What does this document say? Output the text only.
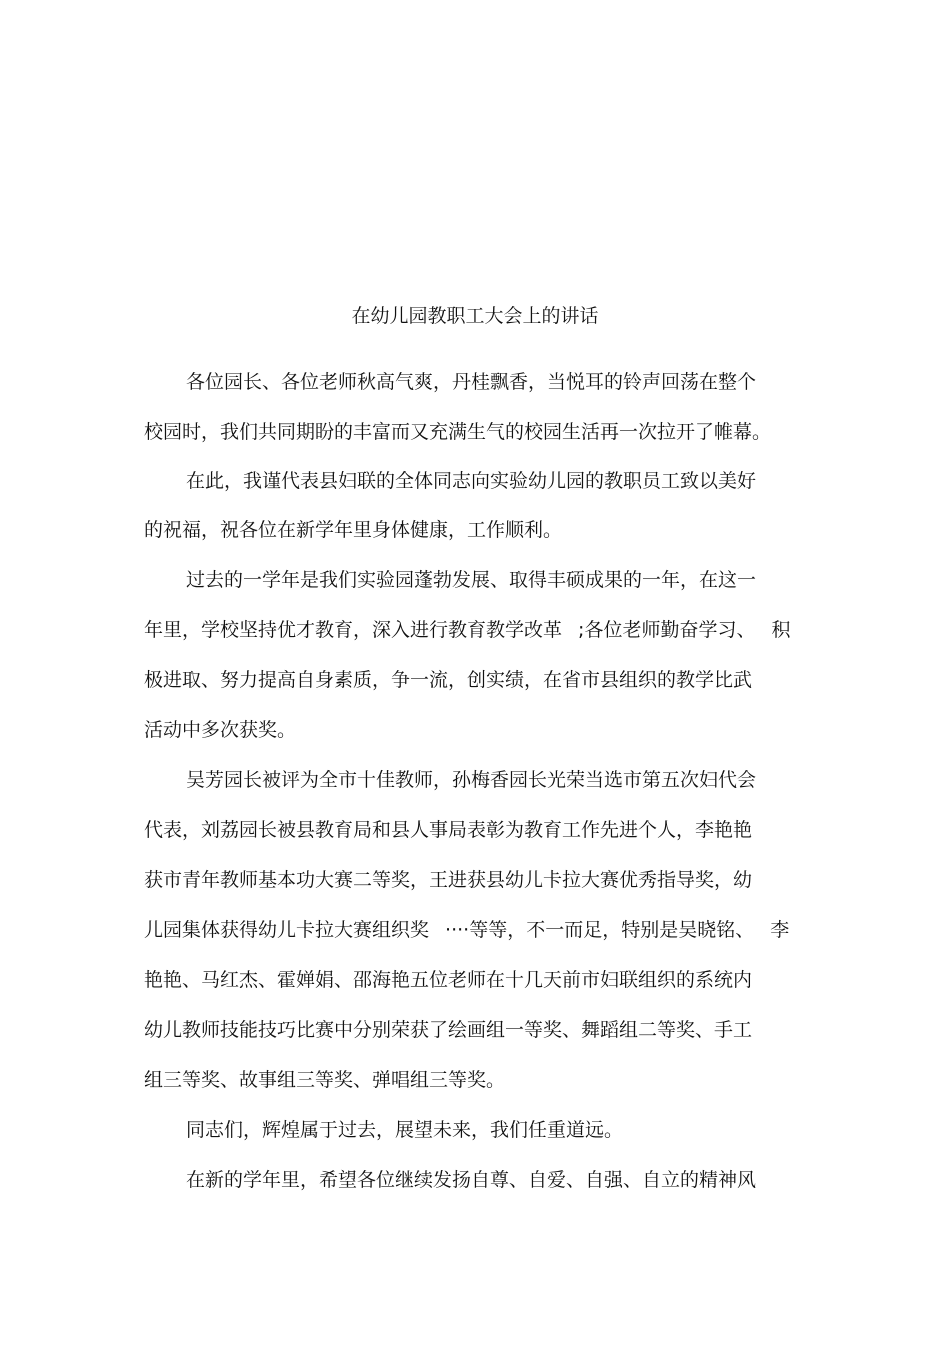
在幼儿园教职工大会上的讲话
各位园长、各位老师秋高气爽，丹桂飘香，当悦耳的铃声回荡在整个
校园时，我们共同期盼的丰富而又充满生气的校园生活再一次拉开了帷幕。
在此，我谨代表县妇联的全体同志向实验幼儿园的教职员工致以美好
的祝福，祝各位在新学年里身体健康，工作顺利。
过去的一学年是我们实验园蓬勃发展、取得丰硕成果的一年，在这一
年里，学校坚持优才教育，深入进行教育教学改革 ;各位老师勤奋学习、 积
极进取、努力提高自身素质，争一流，创实绩，在省市县组织的教学比武
活动中多次获奖。
吴芳园长被评为全市十佳教师，孙梅香园长光荣当选市第五次妇代会
代表，刘荔园长被县教育局和县人事局表彰为教育工作先进个人，李艳艳
获市青年教师基本功大赛二等奖，王进获县幼儿卡拉大赛优秀指导奖，幼
儿园集体获得幼儿卡拉大赛组织奖 ····等等，不一而足，特别是吴晓铭、 李
艳艳、马红杰、霍婵娟、邵海艳五位老师在十几天前市妇联组织的系统内
幼儿教师技能技巧比赛中分别荣获了绘画组一等奖、舞蹈组二等奖、手工
组三等奖、故事组三等奖、弹唱组三等奖。
同志们，辉煌属于过去，展望未来，我们任重道远。
在新的学年里，希望各位继续发扬自尊、自爱、自强、自立的精神风
